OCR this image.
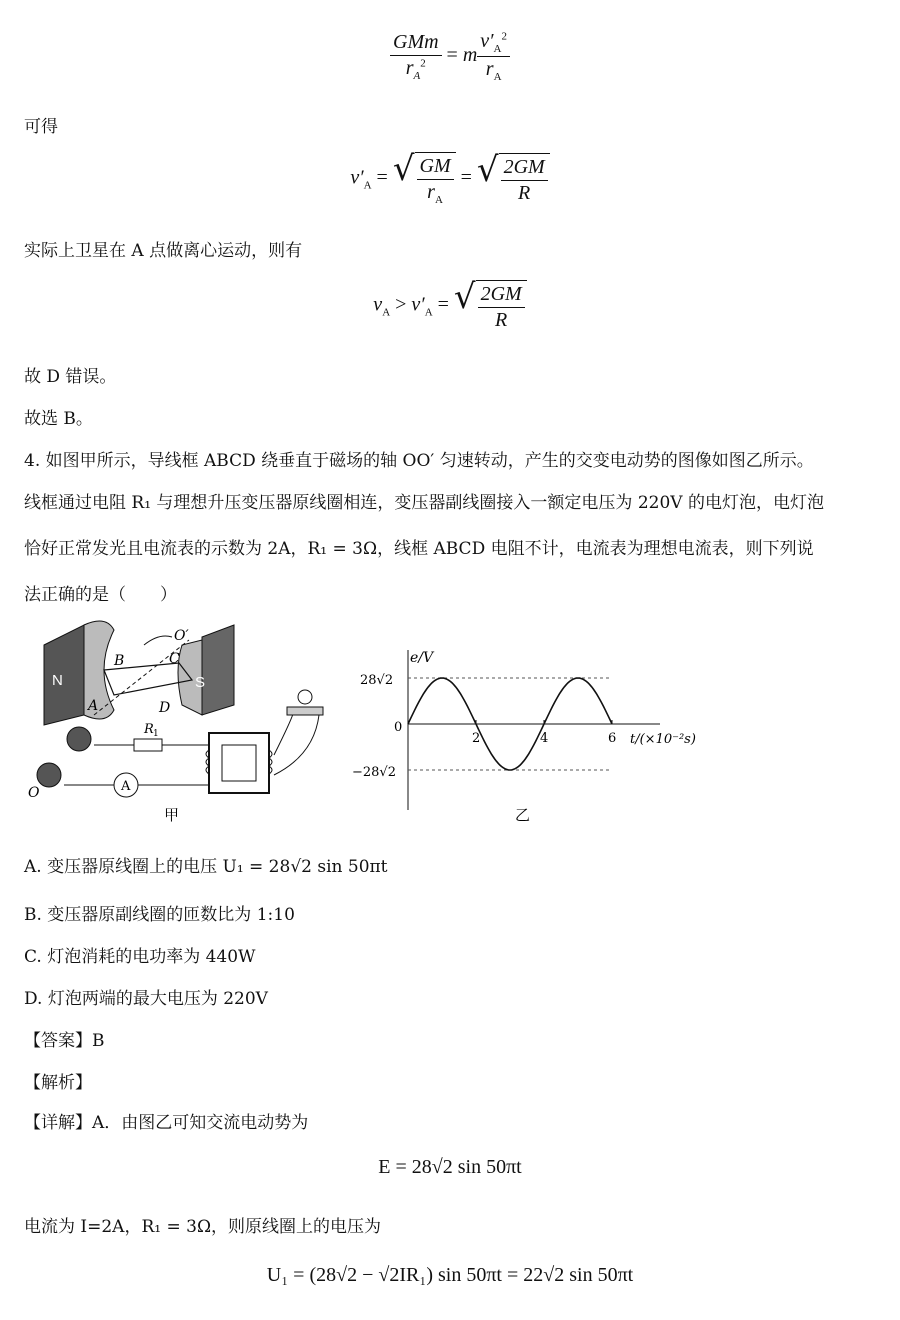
$\frac{\text{GMm}}{r_A^2} = m \frac{v'_A^2}{r_A}$
可得
$v'_A$ = √ $\frac{GM}{r_A}$ = √ $\frac{2GM}{R}$
实际上卫星在 A 点做离心运动，则有
$v_A > v'_A$ = √ $\frac{2GM}{R}$
故 D 错误。
故选 B。
4. 如图甲所示，导线框 ABCD 绕垂直于磁场的轴 OO′ 匀速转动，产生的交变电动势的图像如图乙所示。
线框通过电阻 R₁ 与理想升压变压器原线圈相连，变压器副线圈接入一额定电压为 220V 的电灯泡，电灯泡
恰好正常发光且电流表的示数为 2A，R₁ = 3Ω，线框 ABCD 电阻不计，电流表为理想电流表，则下列说
法正确的是（　　）
N	S
O′
B	C
A	D
O
R 1
A
甲
2	4	6
e/V
28√2
−28√2
0
t/(×10⁻²s)
乙
A. 变压器原线圈上的电压 U₁ = 28√2 sin 50πt
B. 变压器原副线圈的匝数比为 1:10
C. 灯泡消耗的电功率为 440W
D. 灯泡两端的最大电压为 220V
【答案】B
【解析】
【详解】A．由图乙可知交流电动势为
E = 28√2 sin 50πt
电流为 I=2A，R₁ = 3Ω，则原线圈上的电压为
U₁ = (28√2 − √2IR₁) sin 50πt = 22√2 sin 50πt
